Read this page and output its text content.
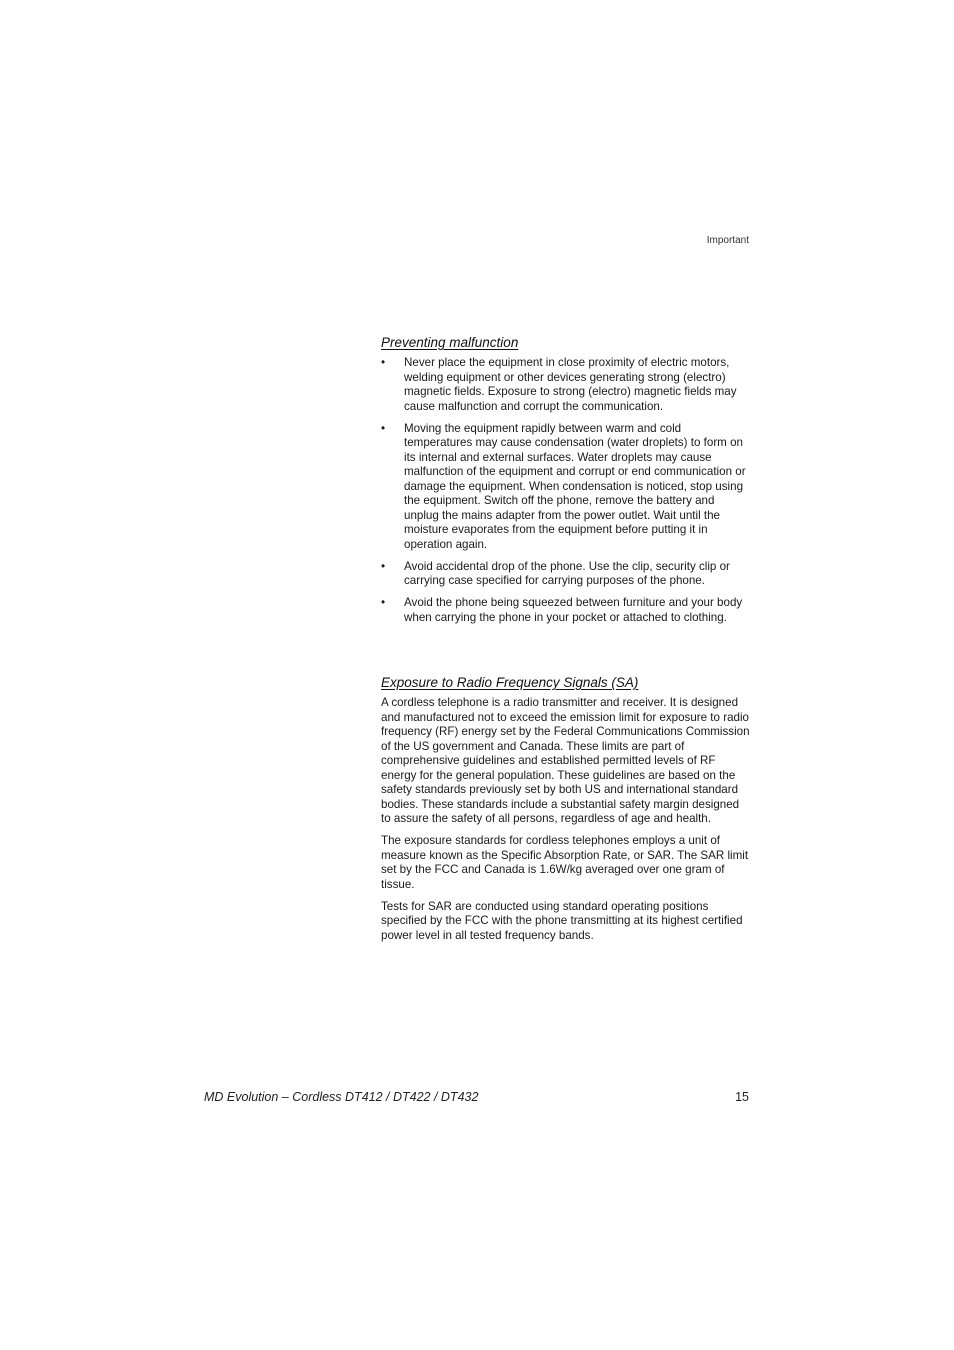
Important
Preventing malfunction
• Never place the equipment in close proximity of electric motors, welding equipment or other devices generating strong (electro) magnetic fields. Exposure to strong (electro) magnetic fields may cause malfunction and corrupt the communication.
• Moving the equipment rapidly between warm and cold temperatures may cause condensation (water droplets) to form on its internal and external surfaces. Water droplets may cause malfunction of the equipment and corrupt or end communication or damage the equipment. When condensation is noticed, stop using the equipment. Switch off the phone, remove the battery and unplug the mains adapter from the power outlet. Wait until the moisture evaporates from the equipment before putting it in operation again.
• Avoid accidental drop of the phone. Use the clip, security clip or carrying case specified for carrying purposes of the phone.
• Avoid the phone being squeezed between furniture and your body when carrying the phone in your pocket or attached to clothing.
Exposure to Radio Frequency Signals (SA)

A cordless telephone is a radio transmitter and receiver. It is designed and manufactured not to exceed the emission limit for exposure to radio frequency (RF) energy set by the Federal Communications Commission of the US government and Canada. These limits are part of comprehensive guidelines and established permitted levels of RF energy for the general population. These guidelines are based on the safety standards previously set by both US and international standard bodies. These standards include a substantial safety margin designed to assure the safety of all persons, regardless of age and health.

The exposure standards for cordless telephones employs a unit of measure known as the Specific Absorption Rate, or SAR. The SAR limit set by the FCC and Canada is 1.6W/kg averaged over one gram of tissue.

Tests for SAR are conducted using standard operating positions specified by the FCC with the phone transmitting at its highest certified power level in all tested frequency bands.

MD Evolution – Cordless DT412 / DT422 / DT432	15
